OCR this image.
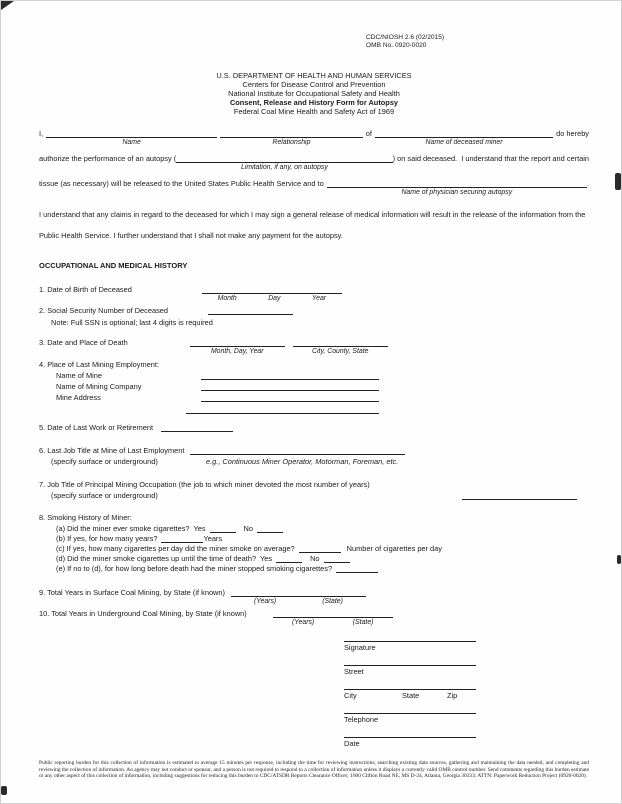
CDC/NIOSH 2.6 (02/2015)
OMB No. 0920-0020
U.S. DEPARTMENT OF HEALTH AND HUMAN SERVICES
Centers for Disease Control and Prevention
National Institute for Occupational Safety and Health
Consent, Release and History Form for Autopsy
Federal Coal Mine Health and Safety Act of 1969
I,
Name	Relationship
of
Name of deceased miner
do hereby
authorize the performance of an autopsy (
Limitation, if any, on autopsy
) on said deceased.  I understand that the report and certain
tissue (as necessary) will be released to the United States Public Health Service and to
Name of physician securing autopsy
.

I understand that any claims in regard to the deceased for which I may sign a general release of medical information will result in the release of the information from the Public Health Service. I further understand that I shall not make any payment for the autopsy.

OCCUPATIONAL AND MEDICAL HISTORY
1. Date of Birth of Deceased
Month	Day	Year
2. Social Security Number of Deceased
Note: Full SSN is optional; last 4 digits is required
3. Date and Place of Death
Month, Day, Year	City, County, State
4. Place of Last Mining Employment:
Name of Mine
Name of Mining Company
Mine Address
5. Date of Last Work or Retirement
6. Last Job Title at Mine of Last Employment
(specify surface or underground)	e.g., Continuous Miner Operator, Motorman, Foreman, etc.
7. Job Title of Principal Mining Occupation (the job to which miner devoted the most number of years)
(specify surface or underground)
8. Smoking History of Miner:
(a) Did the miner ever smoke cigarettes?  Yes	No
(b) If yes, for how many years?	Years
(c) If yes, how many cigarettes per day did the miner smoke on average?	Number of cigarettes per day
(d) Did the miner smoke cigarettes up until the time of death?  Yes	No
(e) If no to (d), for how long before death had the miner stopped smoking cigarettes?
9. Total Years in Surface Coal Mining, by State (if known)
(Years)	(State)
10. Total Years in Underground Coal Mining, by State (if known)
(Years)	(State)
Signature
Street
City	State	Zip
Telephone
Date

Public reporting burden for this collection of information is estimated to average 15 minutes per response, including the time for reviewing instructions, searching existing data sources, gathering and maintaining the data needed, and completing and reviewing the collection of information. An agency may not conduct or sponsor, and a person is not required to respond to a collection of information unless it displays a currently valid OMB control number. Send comments regarding this burden estimate or any other aspect of this collection of information, including suggestions for reducing this burden to CDC/ATSDR Reports Clearance Officer; 1600 Clifton Road NE, MS D-24, Atlanta, Georgia 30333; ATTN: Paperwork Reduction Project (0920-0020).
